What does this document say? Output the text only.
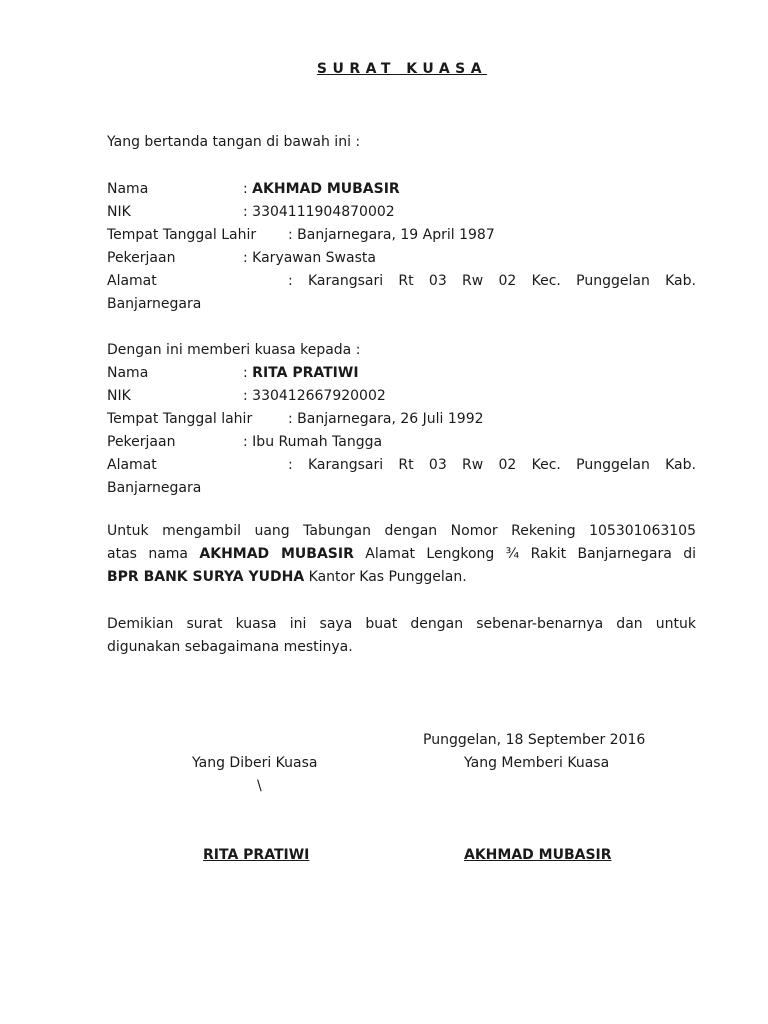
SURAT KUASA
Yang bertanda tangan di bawah ini :
Nama	: AKHMAD MUBASIR
NIK	: 3304111904870002
Tempat Tanggal Lahir : Banjarnegara, 19 April 1987
Pekerjaan	: Karyawan Swasta
Alamat	: Karangsari Rt 03 Rw 02 Kec. Punggelan Kab.
Banjarnegara
Dengan ini memberi kuasa kepada :
Nama	: RITA PRATIWI
NIK	: 330412667920002
Tempat Tanggal lahir	: Banjarnegara, 26 Juli 1992
Pekerjaan	: Ibu Rumah Tangga
Alamat	: Karangsari Rt 03 Rw 02 Kec. Punggelan Kab.
Banjarnegara
Untuk mengambil uang Tabungan dengan Nomor Rekening 105301063105
atas nama AKHMAD MUBASIR Alamat Lengkong ¾ Rakit Banjarnegara di
BPR BANK SURYA YUDHA Kantor Kas Punggelan.
Demikian surat kuasa ini saya buat dengan sebenar-benarnya dan untuk
digunakan sebagaimana mestinya.
Punggelan, 18 September 2016
Yang Diberi Kuasa	Yang Memberi Kuasa
\
RITA PRATIWI	AKHMAD MUBASIR
